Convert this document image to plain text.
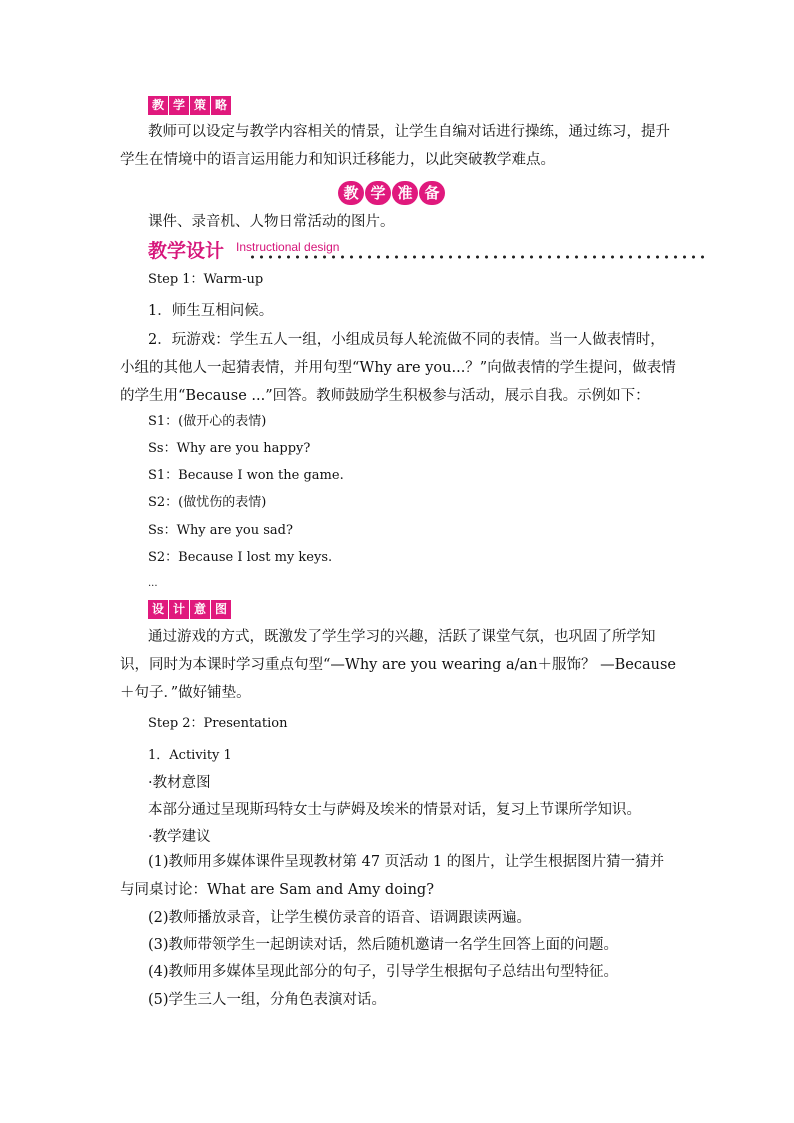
教 学 策 略

教师可以设定与教学内容相关的情景，让学生自编对话进行操练，通过练习，提升学生在情境中的语言运用能力和知识迁移能力，以此突破教学难点。

教 学 准 备

课件、录音机、人物日常活动的图片。

教学设计 Instructional design

Step 1：Warm-up

1．师生互相问候。

2．玩游戏：学生五人一组，小组成员每人轮流做不同的表情。当一人做表情时，小组的其他人一起猜表情，并用句型“Why are you...？”向做表情的学生提问，做表情的学生用“Because ...”回答。教师鼓励学生积极参与活动，展示自我。示例如下：

S1：(做开心的表情)

Ss：Why are you happy?

S1：Because I won the game.

S2：(做忧伤的表情)

Ss：Why are you sad?

S2：Because I lost my keys.

...

设 计 意 图

通过游戏的方式，既激发了学生学习的兴趣，活跃了课堂气氛，也巩固了所学知识，同时为本课时学习重点句型“—Why are you wearing a/an＋服饰？ —Because＋句子．”做好铺垫。

Step 2：Presentation

1．Activity 1

·教材意图

本部分通过呈现斯玛特女士与萨姆及埃米的情景对话，复习上节课所学知识。

·教学建议

(1)教师用多媒体课件呈现教材第 47 页活动 1 的图片，让学生根据图片猜一猜并与同桌讨论：What are Sam and Amy doing?

(2)教师播放录音，让学生模仿录音的语音、语调跟读两遍。

(3)教师带领学生一起朗读对话，然后随机邀请一名学生回答上面的问题。

(4)教师用多媒体呈现此部分的句子，引导学生根据句子总结出句型特征。

(5)学生三人一组，分角色表演对话。
